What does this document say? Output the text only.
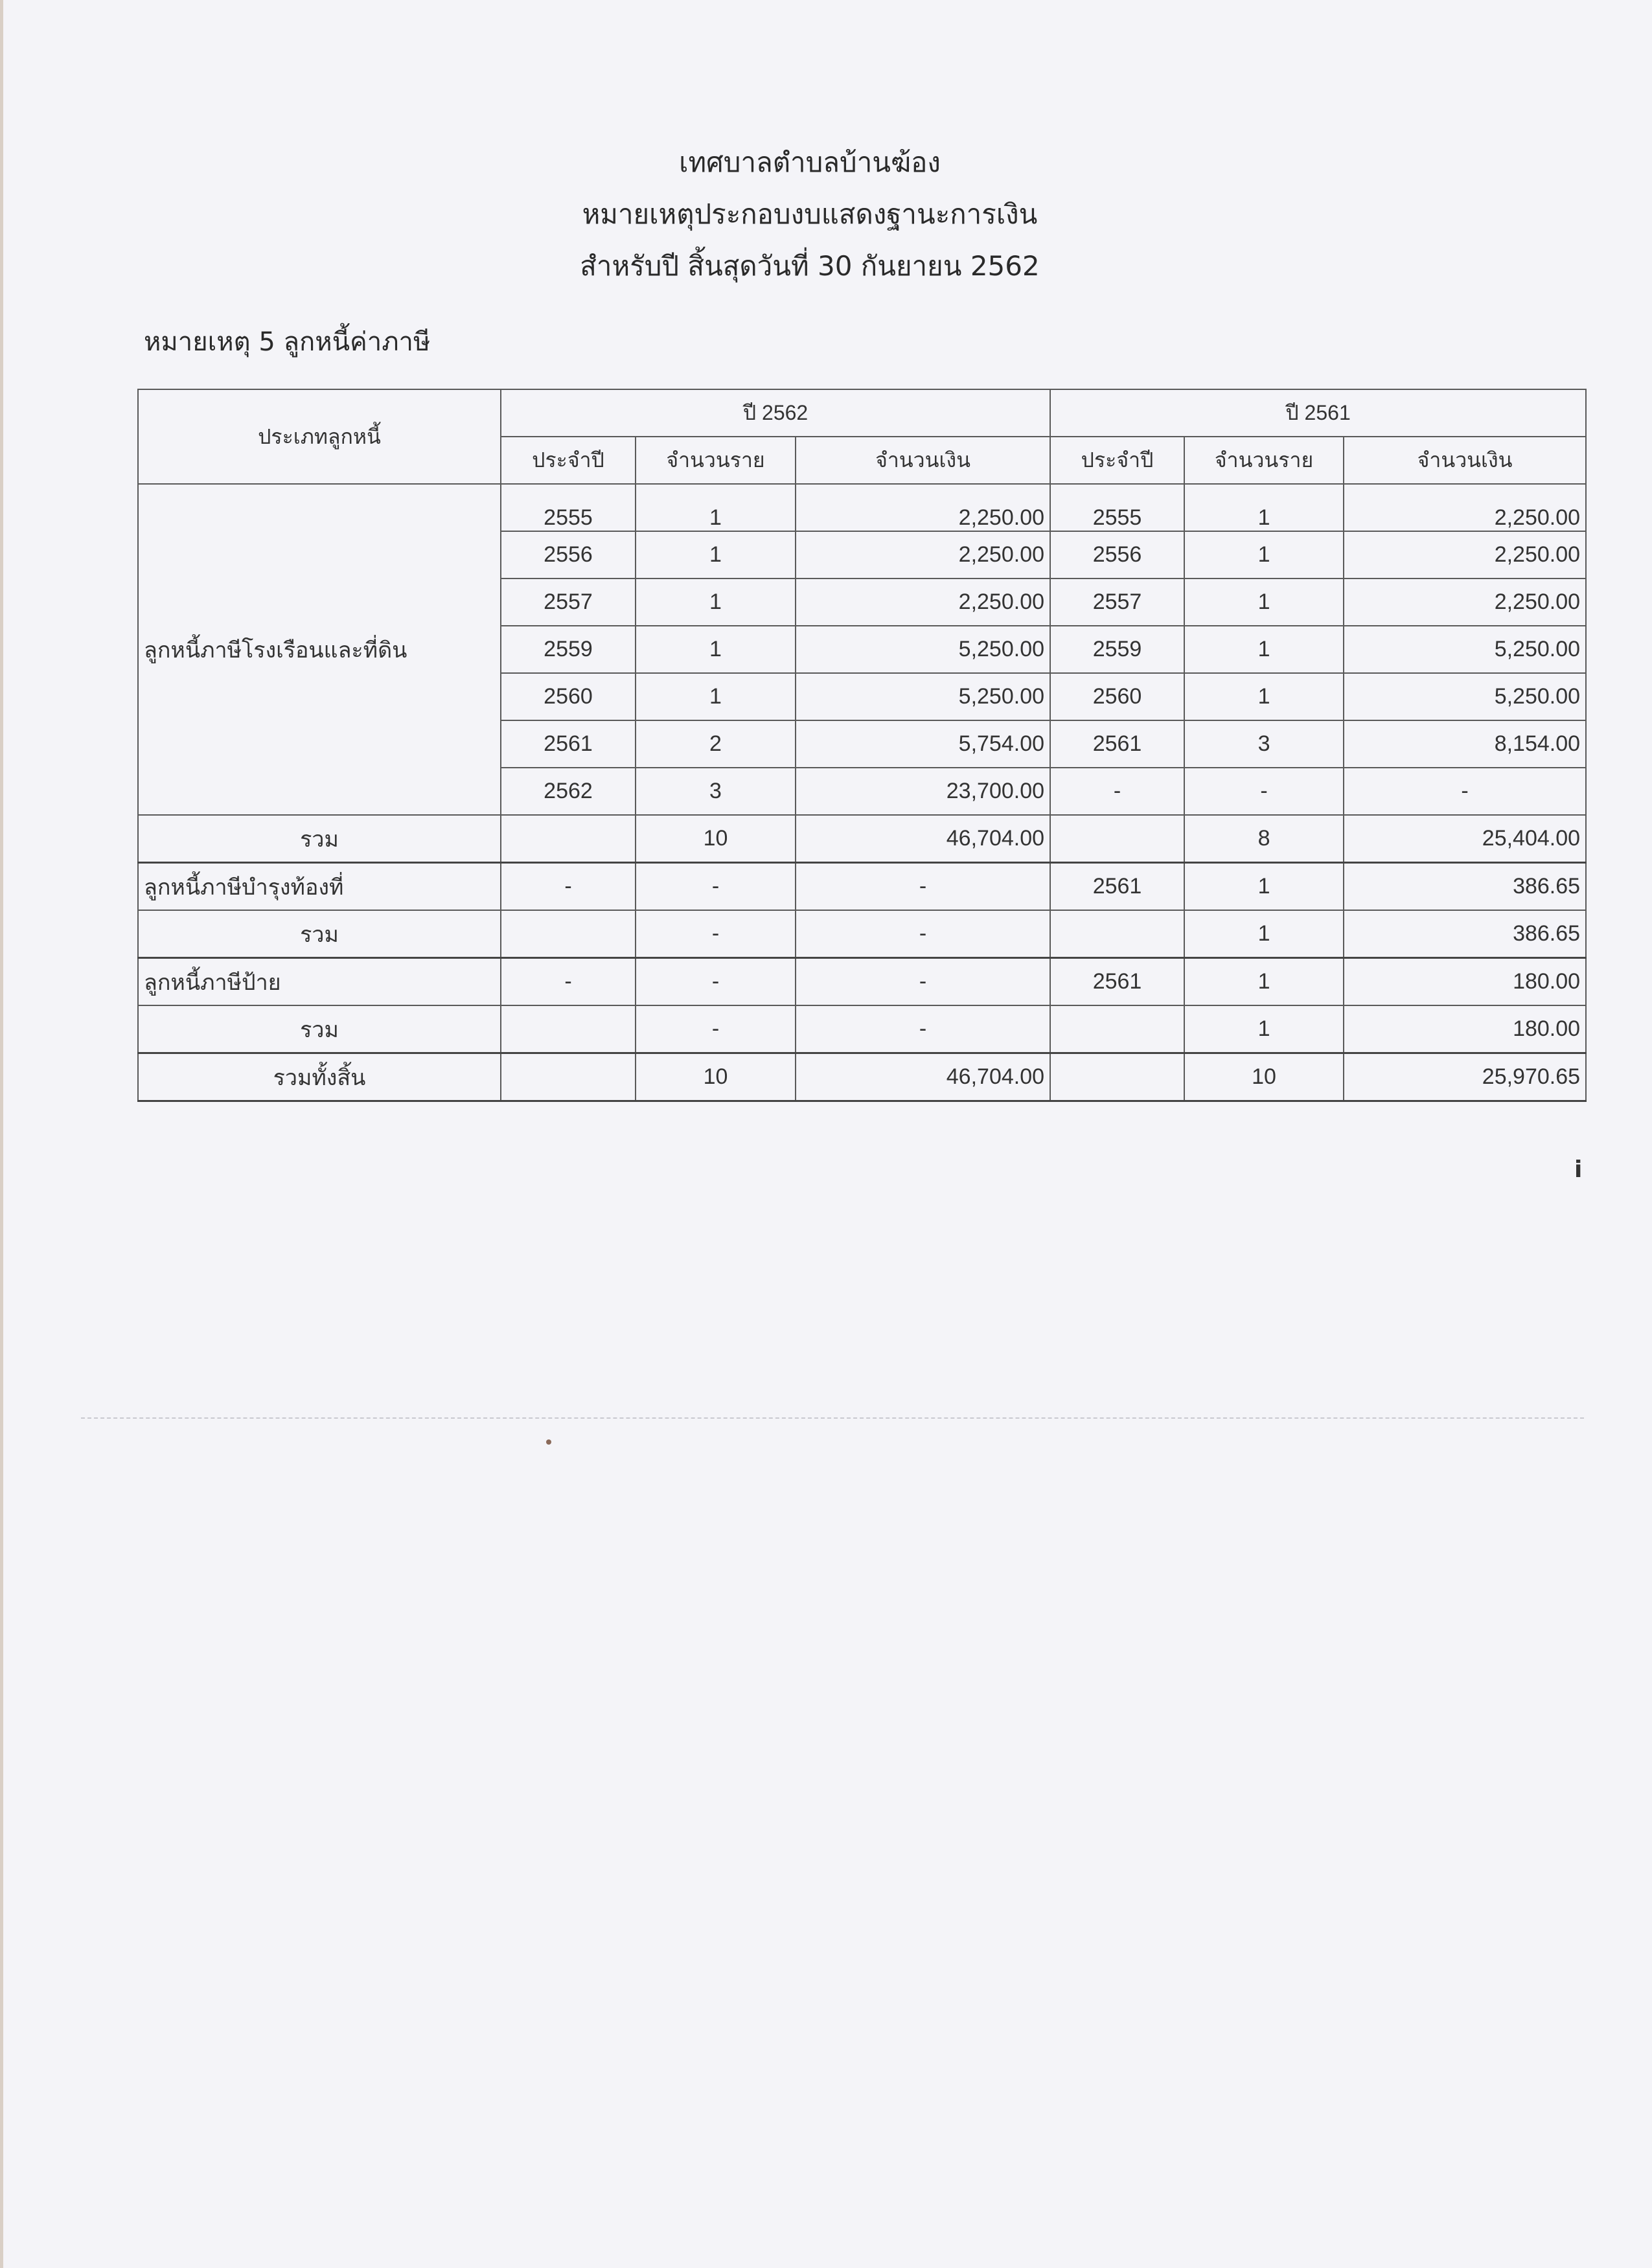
เทศบาลตำบลบ้านฆ้อง
หมายเหตุประกอบงบแสดงฐานะการเงิน
สำหรับปี สิ้นสุดวันที่ 30 กันยายน 2562
หมายเหตุ 5 ลูกหนี้ค่าภาษี
ประเภทลูกหนี้	ปี 2562			ปี 2561		
	ประจำปี	จำนวนราย	จำนวนเงิน	ประจำปี	จำนวนราย	จำนวนเงิน
ลูกหนี้ภาษีโรงเรือนและที่ดิน	2555	1	2,250.00	2555	1	2,250.00
	2556	1	2,250.00	2556	1	2,250.00
	2557	1	2,250.00	2557	1	2,250.00
	2559	1	5,250.00	2559	1	5,250.00
	2560	1	5,250.00	2560	1	5,250.00
	2561	2	5,754.00	2561	3	8,154.00
	2562	3	23,700.00	-	-	-
รวม		10	46,704.00		8	25,404.00
ลูกหนี้ภาษีบำรุงท้องที่	-	-	-	2561	1	386.65
รวม		-	-		1	386.65
ลูกหนี้ภาษีป้าย	-	-	-	2561	1	180.00
รวม		-	-		1	180.00
รวมทั้งสิ้น		10	46,704.00		10	25,970.65
ⅰ
